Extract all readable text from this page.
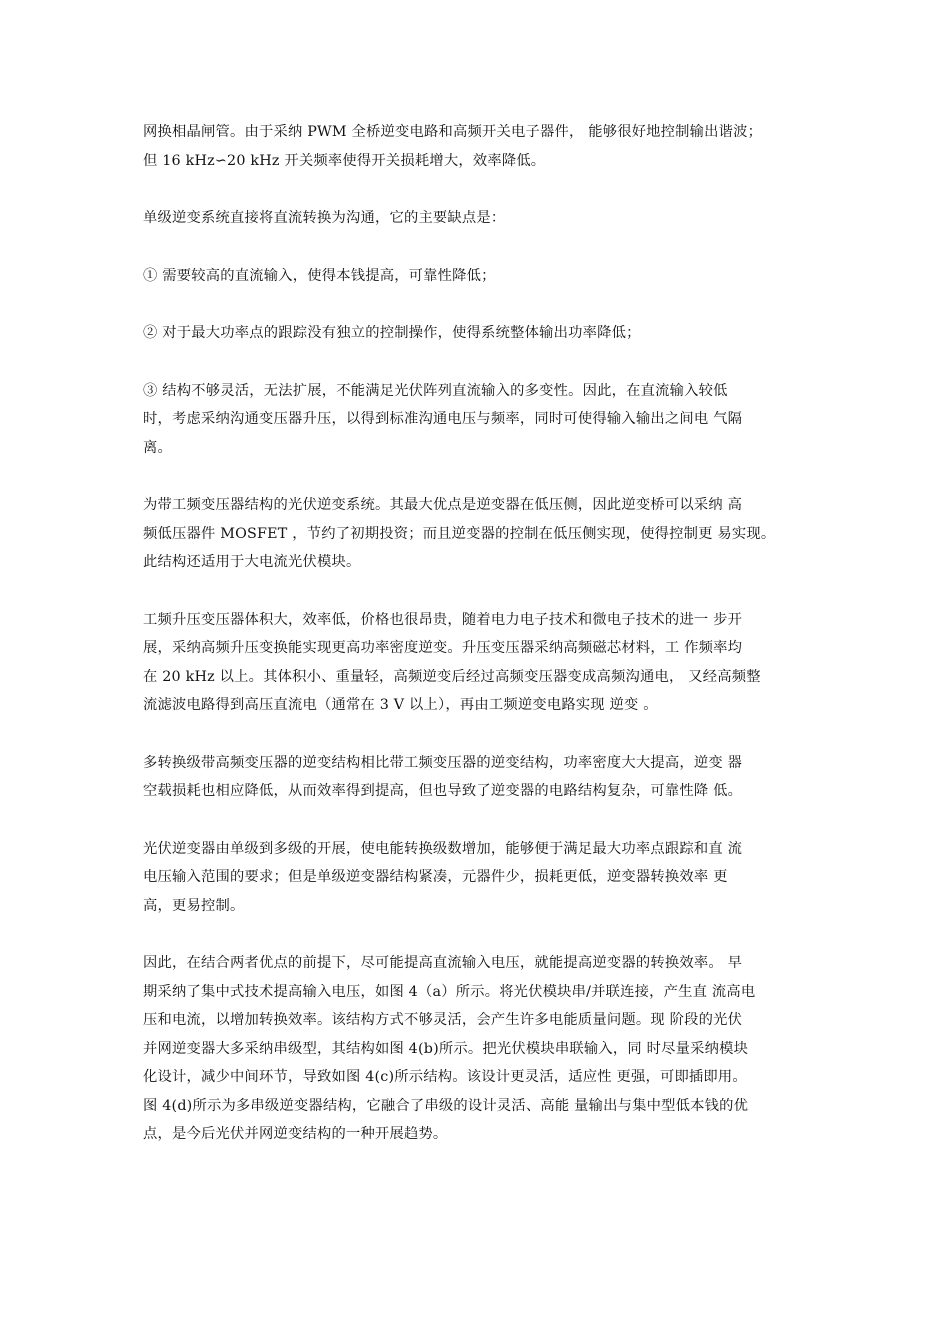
网换相晶闸管。由于采纳 PWM 全桥逆变电路和高频开关电子器件， 能够很好地控制输出谐波；
但 16 kHz∽20 kHz 开关频率使得开关损耗增大，效率降低。

单级逆变系统直接将直流转换为沟通，它的主要缺点是：

① 需要较高的直流输入，使得本钱提高，可靠性降低；

② 对于最大功率点的跟踪没有独立的控制操作，使得系统整体输出功率降低；

③ 结构不够灵活，无法扩展，不能满足光伏阵列直流输入的多变性。因此，在直流输入较低
时，考虑采纳沟通变压器升压，以得到标准沟通电压与频率，同时可使得输入输出之间电 气隔
离。

为带工频变压器结构的光伏逆变系统。其最大优点是逆变器在低压侧，因此逆变桥可以采纳 高
频低压器件 MOSFET ，节约了初期投资；而且逆变器的控制在低压侧实现，使得控制更 易实现。
此结构还适用于大电流光伏模块。

工频升压变压器体积大，效率低，价格也很昂贵，随着电力电子技术和微电子技术的进一 步开
展，采纳高频升压变换能实现更高功率密度逆变。升压变压器采纳高频磁芯材料，工 作频率均
在 20 kHz 以上。其体积小、重量轻，高频逆变后经过高频变压器变成高频沟通电， 又经高频整
流滤波电路得到高压直流电（通常在 3 V 以上），再由工频逆变电路实现 逆变 。

多转换级带高频变压器的逆变结构相比带工频变压器的逆变结构，功率密度大大提高，逆变 器
空载损耗也相应降低，从而效率得到提高，但也导致了逆变器的电路结构复杂，可靠性降 低。

光伏逆变器由单级到多级的开展，使电能转换级数增加，能够便于满足最大功率点跟踪和直 流
电压输入范围的要求；但是单级逆变器结构紧凑，元器件少，损耗更低，逆变器转换效率 更
高，更易控制。

因此，在结合两者优点的前提下，尽可能提高直流输入电压，就能提高逆变器的转换效率。 早
期采纳了集中式技术提高输入电压，如图 4（a）所示。将光伏模块串/并联连接，产生直 流高电
压和电流，以增加转换效率。该结构方式不够灵活，会产生许多电能质量问题。现 阶段的光伏
并网逆变器大多采纳串级型，其结构如图 4(b)所示。把光伏模块串联输入，同 时尽量采纳模块
化设计，减少中间环节，导致如图 4(c)所示结构。该设计更灵活，适应性 更强，可即插即用。
图 4(d)所示为多串级逆变器结构，它融合了串级的设计灵活、高能 量输出与集中型低本钱的优
点，是今后光伏并网逆变结构的一种开展趋势。
